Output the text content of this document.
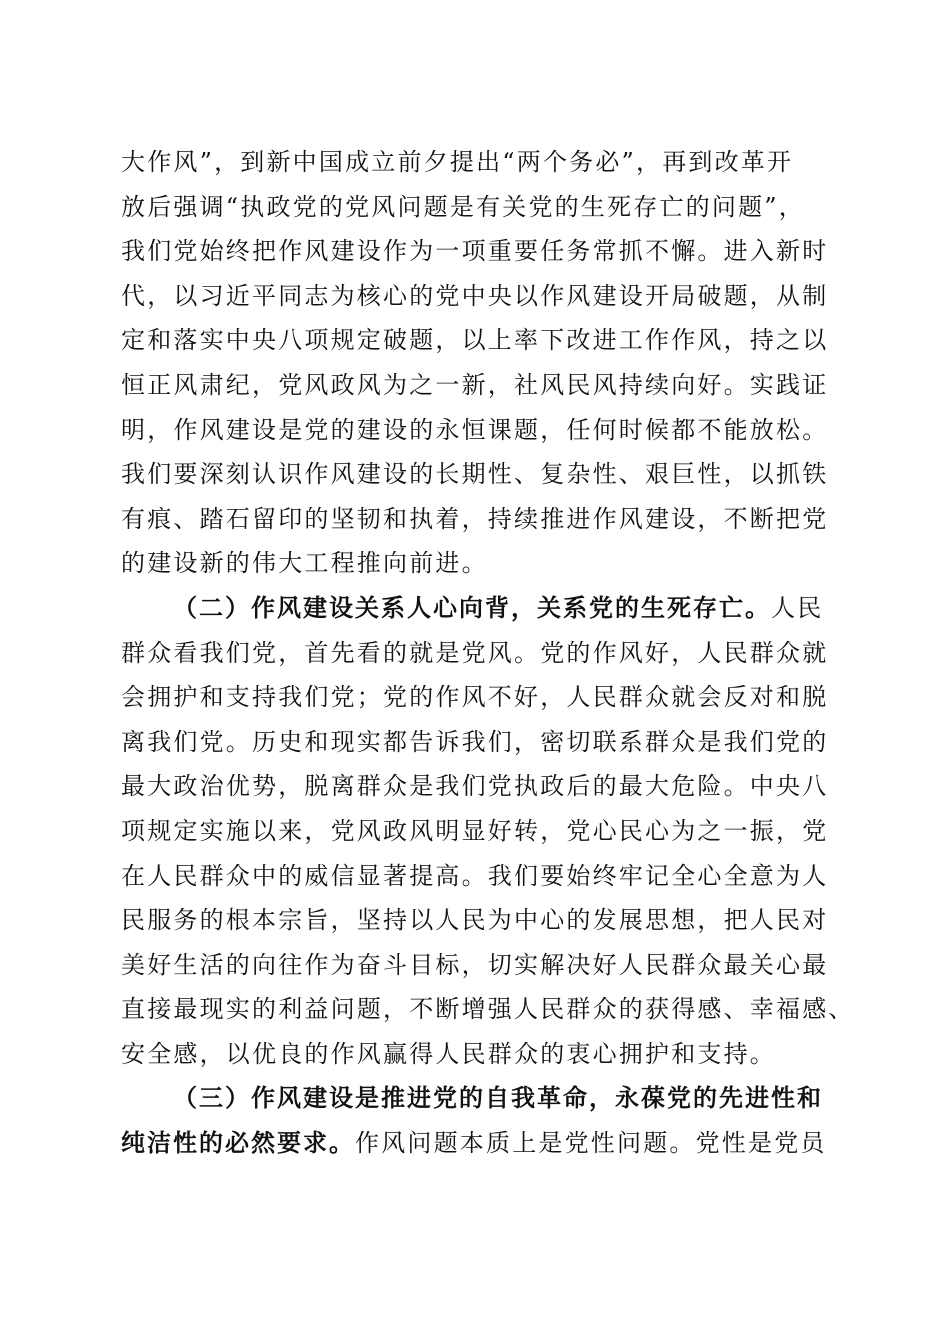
大作风”，到新中国成立前夕提出“两个务必”，再到改革开
放后强调“执政党的党风问题是有关党的生死存亡的问题”，
我们党始终把作风建设作为一项重要任务常抓不懈。进入新时
代，以习近平同志为核心的党中央以作风建设开局破题，从制
定和落实中央八项规定破题，以上率下改进工作作风，持之以
恒正风肃纪，党风政风为之一新，社风民风持续向好。实践证
明，作风建设是党的建设的永恒课题，任何时候都不能放松。
我们要深刻认识作风建设的长期性、复杂性、艰巨性，以抓铁
有痕、踏石留印的坚韧和执着，持续推进作风建设，不断把党
的建设新的伟大工程推向前进。
（二）作风建设关系人心向背，关系党的生死存亡。人民
群众看我们党，首先看的就是党风。党的作风好，人民群众就
会拥护和支持我们党；党的作风不好，人民群众就会反对和脱
离我们党。历史和现实都告诉我们，密切联系群众是我们党的
最大政治优势，脱离群众是我们党执政后的最大危险。中央八
项规定实施以来，党风政风明显好转，党心民心为之一振，党
在人民群众中的威信显著提高。我们要始终牢记全心全意为人
民服务的根本宗旨，坚持以人民为中心的发展思想，把人民对
美好生活的向往作为奋斗目标，切实解决好人民群众最关心最
直接最现实的利益问题，不断增强人民群众的获得感、幸福感、
安全感，以优良的作风赢得人民群众的衷心拥护和支持。
（三）作风建设是推进党的自我革命，永葆党的先进性和
纯洁性的必然要求。作风问题本质上是党性问题。党性是党员
